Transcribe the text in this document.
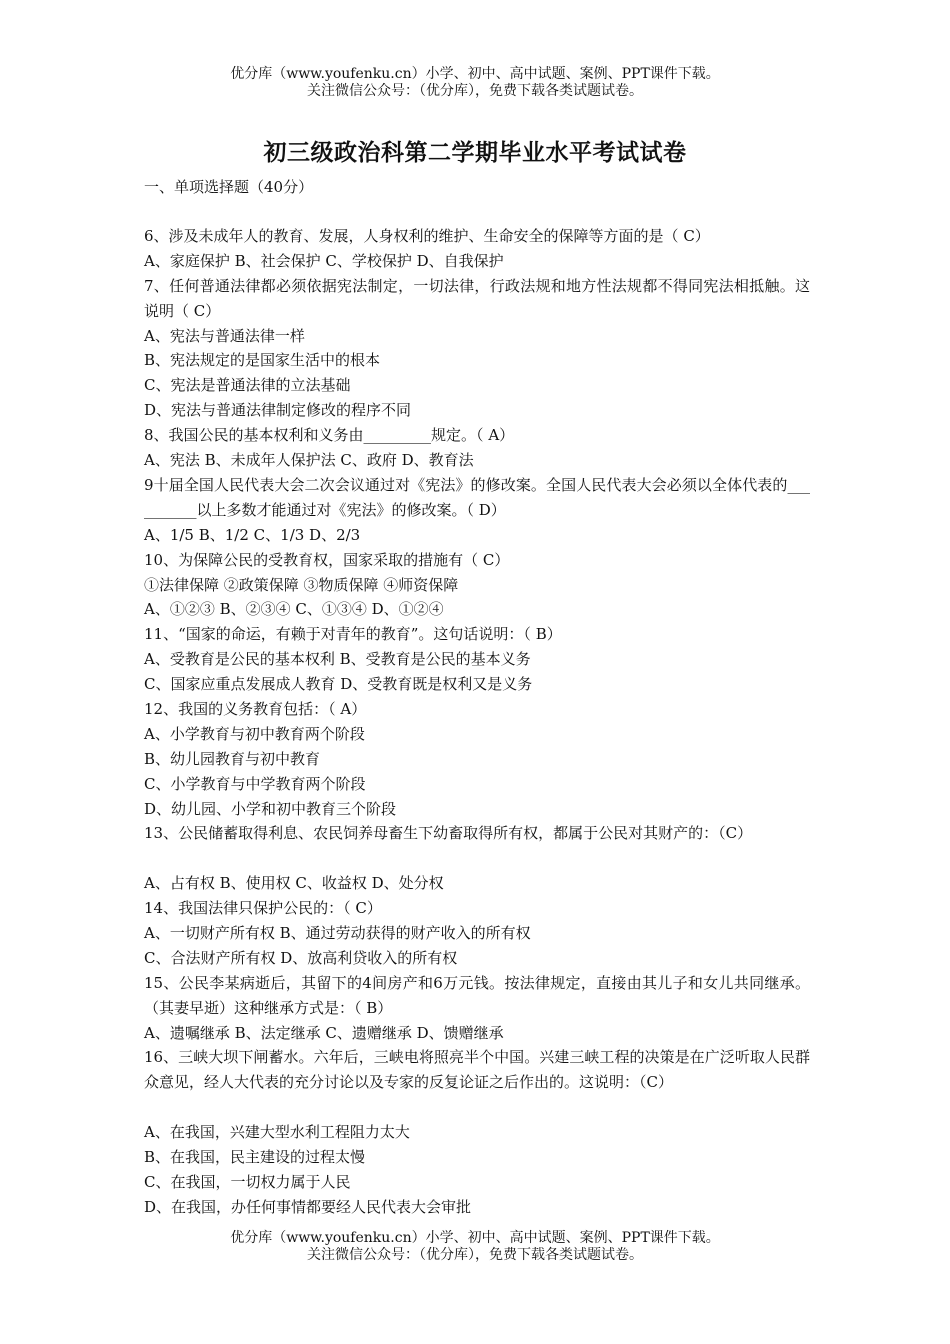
优分库（www.youfenku.cn）小学、初中、高中试题、案例、PPT课件下载。
关注微信公众号：（优分库），免费下载各类试题试卷。
初三级政治科第二学期毕业水平考试试卷
一、单项选择题（40分）
6、涉及未成年人的教育、发展，人身权利的维护、生命安全的保障等方面的是（ C）
A、家庭保护 B、社会保护 C、学校保护 D、自我保护
7、任何普通法律都必须依据宪法制定，一切法律，行政法规和地方性法规都不得同宪法相抵触。这说明（ C）
A、宪法与普通法律一样
B、宪法规定的是国家生活中的根本
C、宪法是普通法律的立法基础
D、宪法与普通法律制定修改的程序不同
8、我国公民的基本权利和义务由_________规定。（ A）
A、宪法 B、未成年人保护法 C、政府 D、教育法
9十届全国人民代表大会二次会议通过对《宪法》的修改案。全国人民代表大会必须以全体代表的__________以上多数才能通过对《宪法》的修改案。（ D）
A、1/5 B、1/2 C、1/3 D、2/3
10、为保障公民的受教育权，国家采取的措施有（ C）
①法律保障 ②政策保障 ③物质保障 ④师资保障
A、①②③ B、②③④ C、①③④ D、①②④
11、“国家的命运，有赖于对青年的教育”。这句话说明：（ B）
A、受教育是公民的基本权利 B、受教育是公民的基本义务
C、国家应重点发展成人教育 D、受教育既是权利又是义务
12、我国的义务教育包括：（ A）
A、小学教育与初中教育两个阶段
B、幼儿园教育与初中教育
C、小学教育与中学教育两个阶段
D、幼儿园、小学和初中教育三个阶段
13、公民储蓄取得利息、农民饲养母畜生下幼畜取得所有权，都属于公民对其财产的：（C）
A、占有权 B、使用权 C、收益权 D、处分权
14、我国法律只保护公民的：（ C）
A、一切财产所有权 B、通过劳动获得的财产收入的所有权
C、合法财产所有权 D、放高利贷收入的所有权
15、公民李某病逝后，其留下的4间房产和6万元钱。按法律规定，直接由其儿子和女儿共同继承。（其妻早逝）这种继承方式是：（ B）
A、遗嘱继承 B、法定继承 C、遗赠继承 D、馈赠继承
16、三峡大坝下闸蓄水。六年后，三峡电将照亮半个中国。兴建三峡工程的决策是在广泛听取人民群众意见，经人大代表的充分讨论以及专家的反复论证之后作出的。这说明：（C）
A、在我国，兴建大型水利工程阻力太大
B、在我国，民主建设的过程太慢
C、在我国，一切权力属于人民
D、在我国，办任何事情都要经人民代表大会审批
优分库（www.youfenku.cn）小学、初中、高中试题、案例、PPT课件下载。
关注微信公众号：（优分库），免费下载各类试题试卷。
